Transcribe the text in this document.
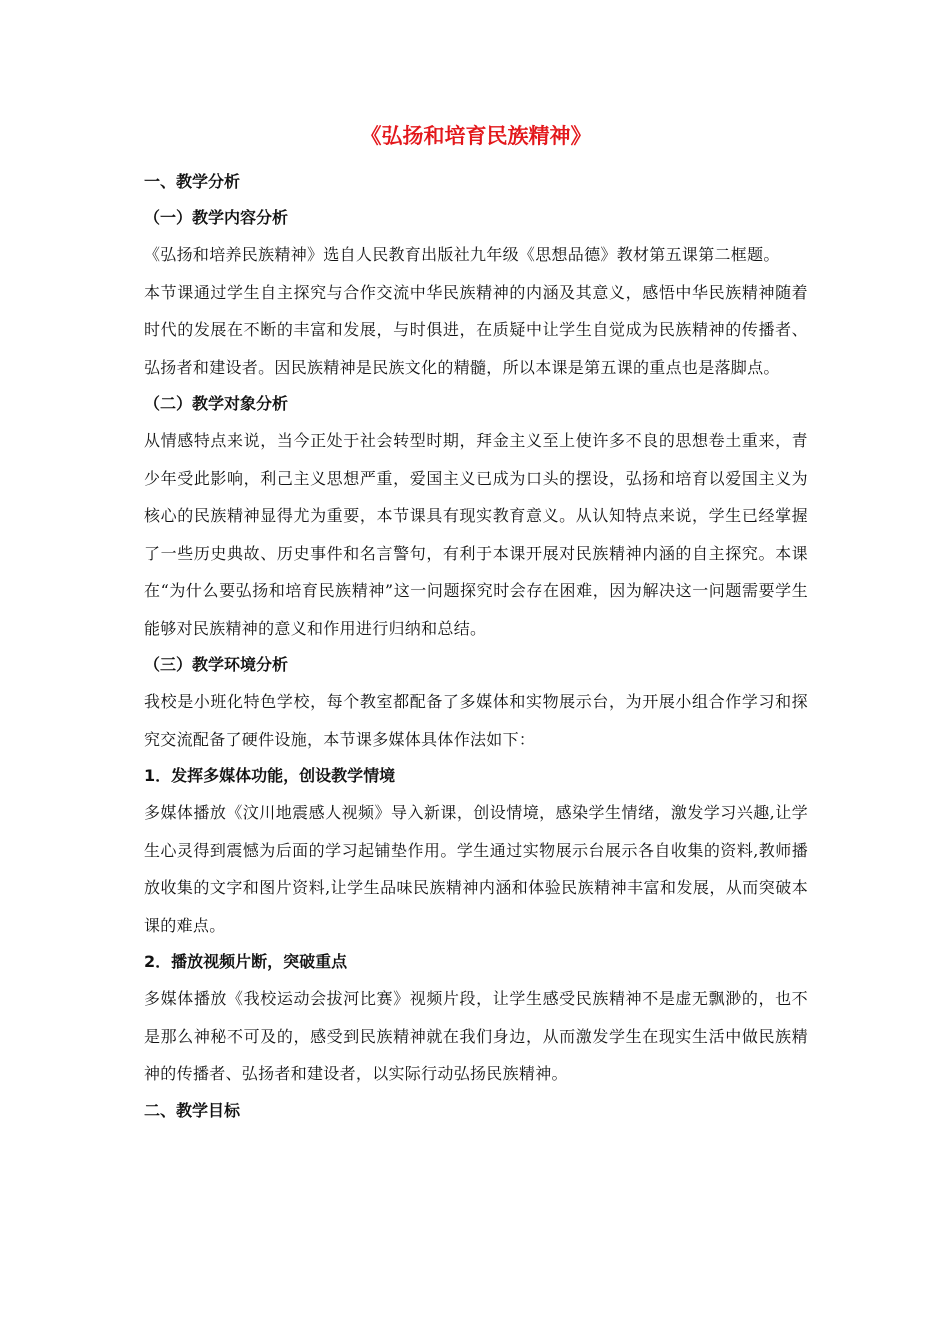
《弘扬和培育民族精神》
一、教学分析
（一）教学内容分析

《弘扬和培养民族精神》选自人民教育出版社九年级《思想品德》教材第五课第二框题。

本节课通过学生自主探究与合作交流中华民族精神的内涵及其意义，感悟中华民族精神随着时代的发展在不断的丰富和发展，与时俱进，在质疑中让学生自觉成为民族精神的传播者、弘扬者和建设者。因民族精神是民族文化的精髓，所以本课是第五课的重点也是落脚点。

（二）教学对象分析

从情感特点来说，当今正处于社会转型时期，拜金主义至上使许多不良的思想卷土重来，青少年受此影响，利己主义思想严重，爱国主义已成为口头的摆设，弘扬和培育以爱国主义为核心的民族精神显得尤为重要，本节课具有现实教育意义。从认知特点来说，学生已经掌握了一些历史典故、历史事件和名言警句，有利于本课开展对民族精神内涵的自主探究。本课在“为什么要弘扬和培育民族精神”这一问题探究时会存在困难，因为解决这一问题需要学生能够对民族精神的意义和作用进行归纳和总结。

（三）教学环境分析

我校是小班化特色学校，每个教室都配备了多媒体和实物展示台，为开展小组合作学习和探究交流配备了硬件设施，本节课多媒体具体作法如下：

1．发挥多媒体功能，创设教学情境

多媒体播放《汶川地震感人视频》导入新课，创设情境，感染学生情绪，激发学习兴趣,让学生心灵得到震憾为后面的学习起铺垫作用。学生通过实物展示台展示各自收集的资料,教师播放收集的文字和图片资料,让学生品味民族精神内涵和体验民族精神丰富和发展，从而突破本课的难点。

2．播放视频片断，突破重点

多媒体播放《我校运动会拔河比赛》视频片段，让学生感受民族精神不是虚无飘渺的，也不是那么神秘不可及的，感受到民族精神就在我们身边，从而激发学生在现实生活中做民族精神的传播者、弘扬者和建设者，以实际行动弘扬民族精神。

二、教学目标
